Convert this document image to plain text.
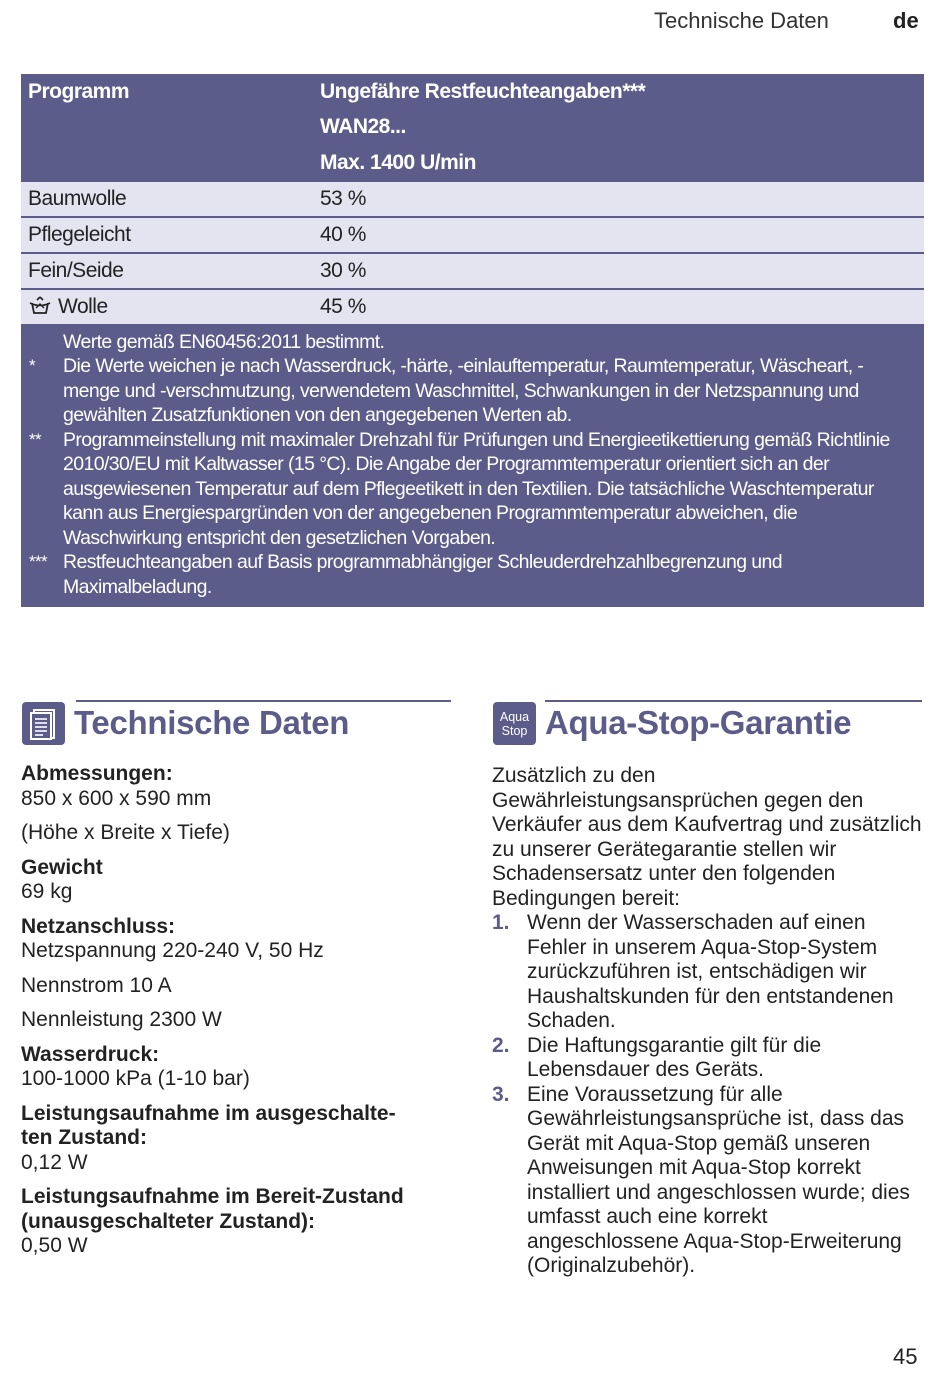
Technische Daten	de
Programm	Ungefähre Restfeuchteangaben***
WAN28...
Max. 1400 U/min
Baumwolle	53 %
Pflegeleicht	40 %
Fein/Seide	30 %
Wolle	45 %
Werte gemäß EN60456:2011 bestimmt.
*	Die Werte weichen je nach Wasserdruck, -härte, -einlauftemperatur, Raumtemperatur, Wäscheart, -menge und -verschmutzung, verwendetem Waschmittel, Schwankungen in der Netzspannung und gewählten Zusatzfunktionen von den angegebenen Werten ab.
**	Programmeinstellung mit maximaler Drehzahl für Prüfungen und Energieetikettierung gemäß Richtlinie 2010/30/EU mit Kaltwasser (15 °C). Die Angabe der Programmtemperatur orientiert sich an der ausgewiesenen Temperatur auf dem Pflegeetikett in den Textilien. Die tatsächliche Waschtemperatur kann aus Energiespargründen von der angegebenen Programmtemperatur abweichen, die Waschwirkung entspricht den gesetzlichen Vorgaben.
*** Restfeuchteangaben auf Basis programmabhängiger Schleuderdrehzahlbegrenzung und Maximalbeladung.
Technische Daten
Abmessungen:
850 x 600 x 590 mm
(Höhe x Breite x Tiefe)
Gewicht
69 kg
Netzanschluss:
Netzspannung 220-240 V, 50 Hz
Nennstrom 10 A
Nennleistung 2300 W
Wasserdruck:
100-1000 kPa (1-10 bar)
Leistungsaufnahme im ausgeschalte-
ten Zustand:
0,12 W
Leistungsaufnahme im Bereit-Zustand
(unausgeschalteter Zustand):
0,50 W
Aqua
Stop Aqua-Stop-Garantie
Zusätzlich zu den Gewährleistungsansprüchen gegen den Verkäufer aus dem Kaufvertrag und zusätzlich zu unserer Gerätegarantie stellen wir Schadensersatz unter den folgenden Bedingungen bereit:
1. Wenn der Wasserschaden auf einen Fehler in unserem Aqua-Stop-System zurückzuführen ist, entschädigen wir Haushaltskunden für den entstandenen Schaden.
2. Die Haftungsgarantie gilt für die Lebensdauer des Geräts.
3. Eine Voraussetzung für alle Gewährleistungsansprüche ist, dass das Gerät mit Aqua-Stop gemäß unseren Anweisungen mit Aqua-Stop korrekt installiert und angeschlossen wurde; dies umfasst auch eine korrekt angeschlossene Aqua-Stop-Erweiterung (Originalzubehör).
45
